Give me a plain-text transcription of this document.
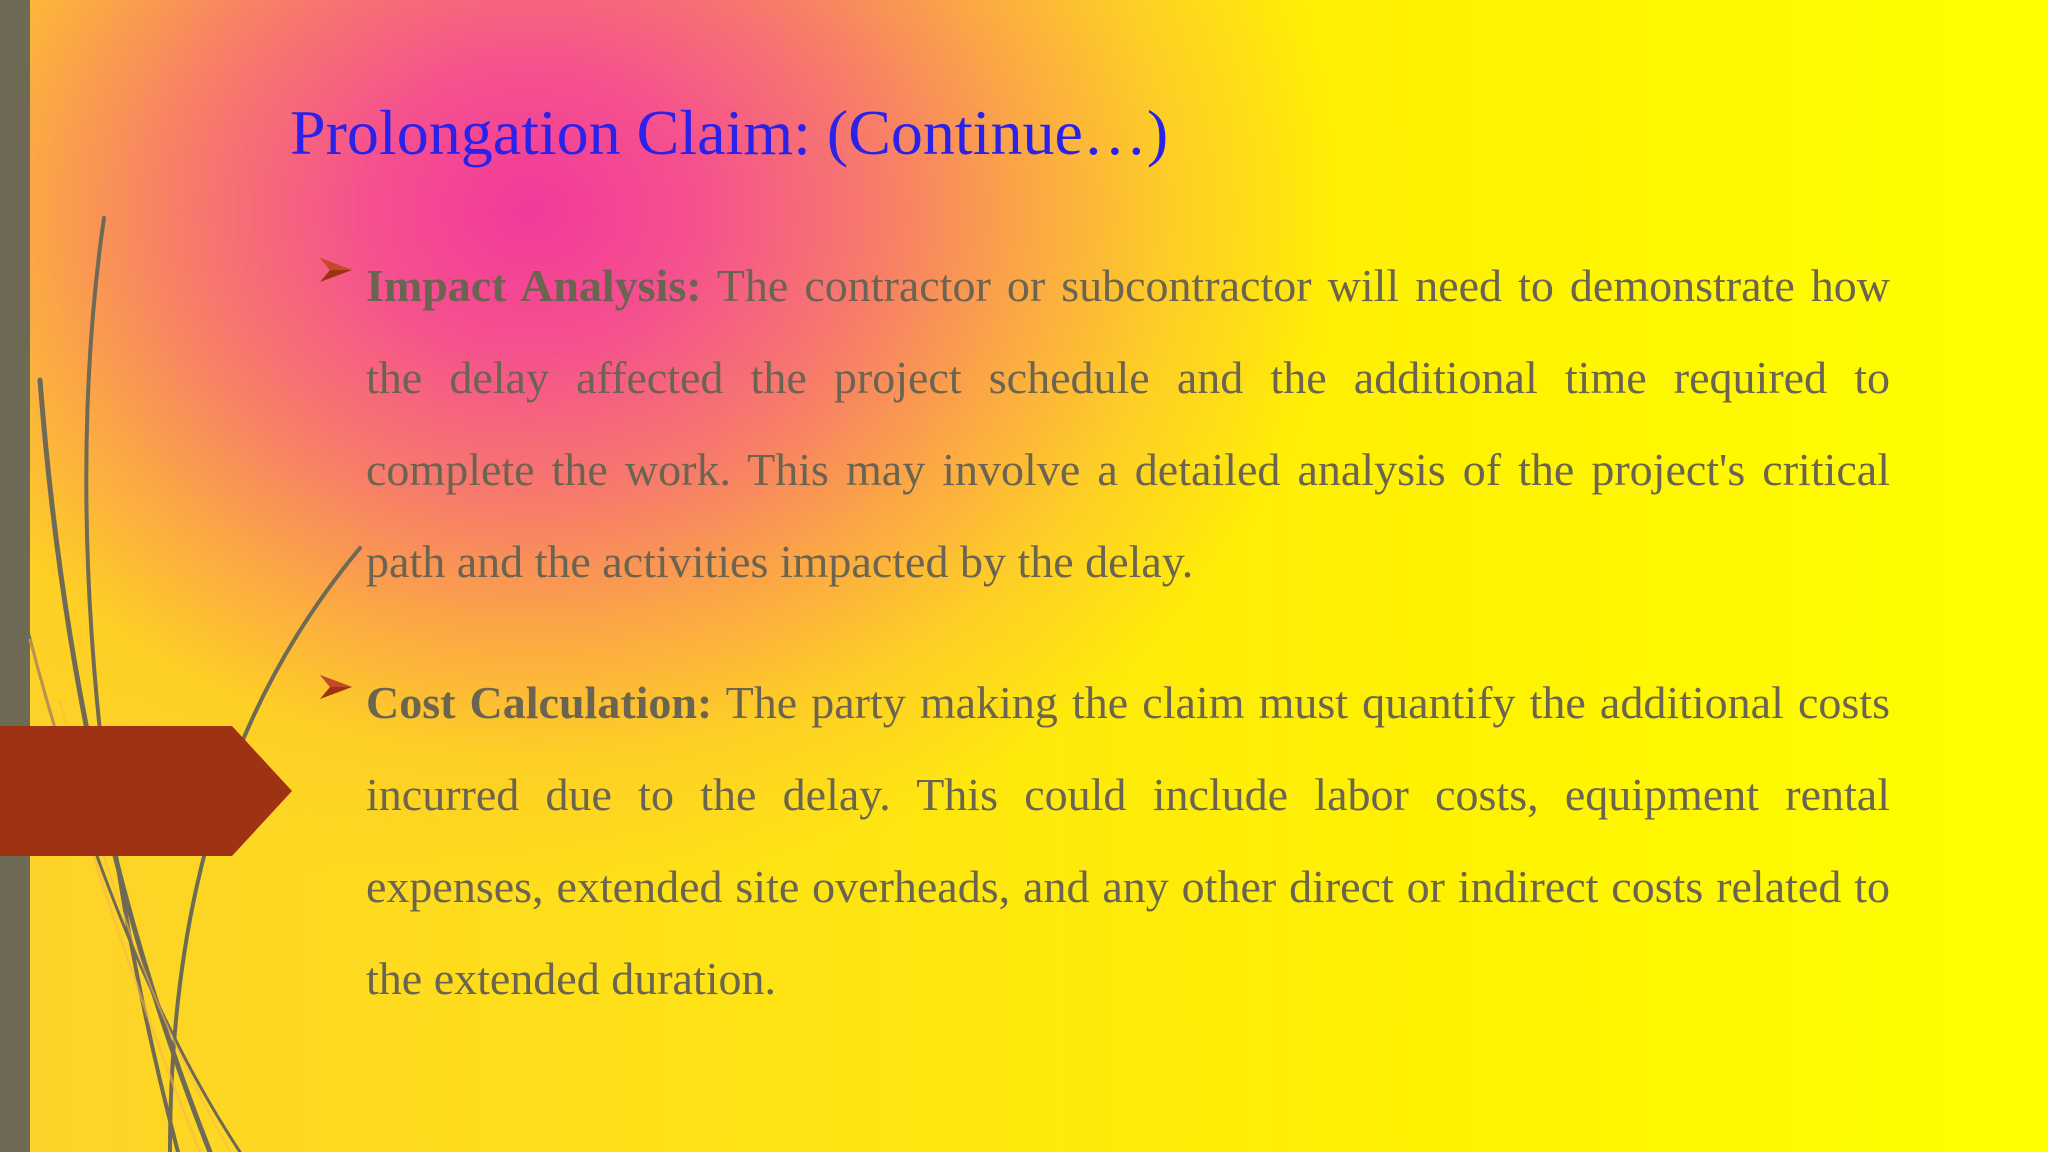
Prolongation Claim: (Continue…)
Impact Analysis: The contractor or subcontractor will need to demonstrate how the delay affected the project schedule and the additional time required to complete the work. This may involve a detailed analysis of the project's critical path and the activities impacted by the delay.
Cost Calculation: The party making the claim must quantify the additional costs incurred due to the delay. This could include labor costs, equipment rental expenses, extended site overheads, and any other direct or indirect costs related to the extended duration.
